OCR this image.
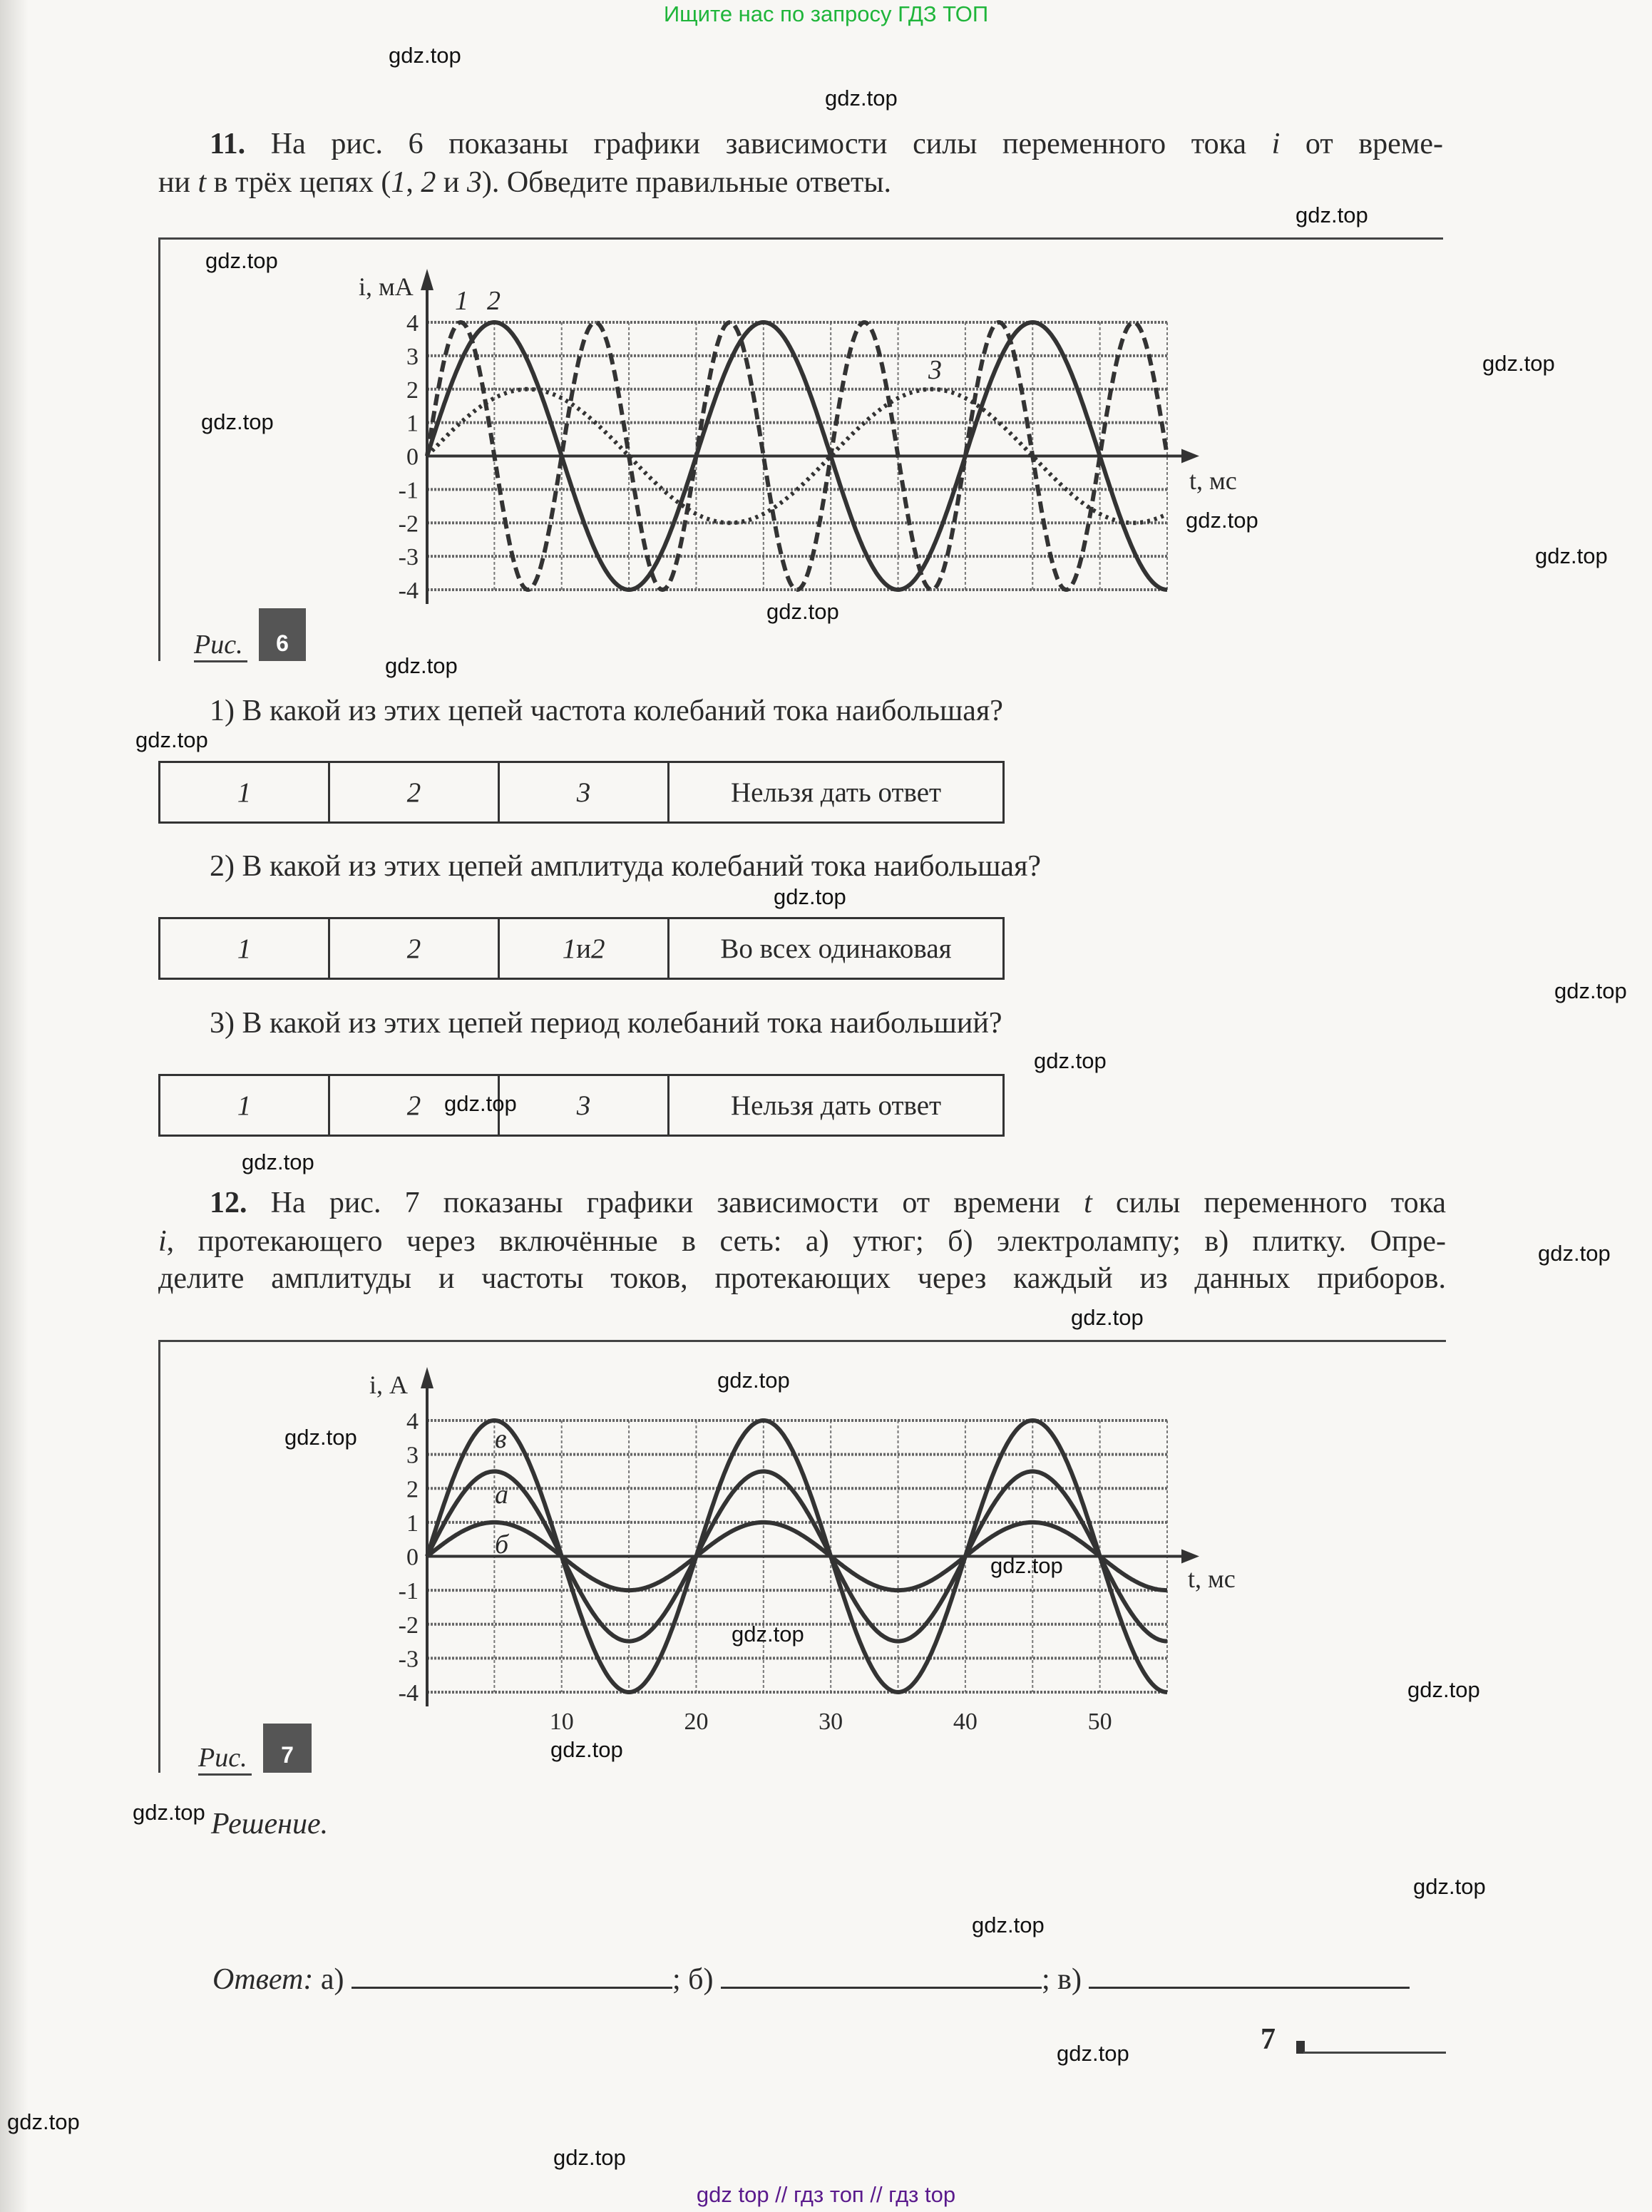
Ищите нас по запросу ГДЗ ТОП
11. На рис. 6 показаны графики зависимости силы переменного тока i от време-
ни t в трёх цепях (1, 2 и 3). Обведите правильные ответы.
Рис.	6
1) В какой из этих цепей частота колебаний тока наибольшая?
1	2	3	Нельзя дать ответ
2) В какой из этих цепей амплитуда колебаний тока наибольшая?
1	2	1 и 2	Во всех одинаковая
3) В какой из этих цепей период колебаний тока наибольший?
1	2	3	Нельзя дать ответ
12. На рис. 7 показаны графики зависимости от времени t силы переменного тока
i, протекающего через включённые в сеть: а) утюг; б) электролампу; в) плитку. Опре-
делите амплитуды и частоты токов, протекающих через каждый из данных приборов.
Рис.	7
Решение.
Ответ: а)	; б)	; в)
7
4
3
2
1
0
-1
-2
-3
-4
i, мА
t, мс
1 2
3
4
3
2
1
0
-1
-2
-3
-4
i, А
t, мс
в
а
б
10	20	30	40	50
gdz.top
gdz.top
gdz.top
gdz.top
gdz.top
gdz.top
gdz.top
gdz.top
gdz.top
gdz.top
gdz.top
gdz.top
gdz.top
gdz.top
gdz.top
gdz.top
gdz.top
gdz.top
gdz.top
gdz.top
gdz.top
gdz.top
gdz.top
gdz.top
gdz.top
gdz.top
gdz.top
gdz.top
gdz.top
gdz.top
gdz top // гдз топ // гдз top
